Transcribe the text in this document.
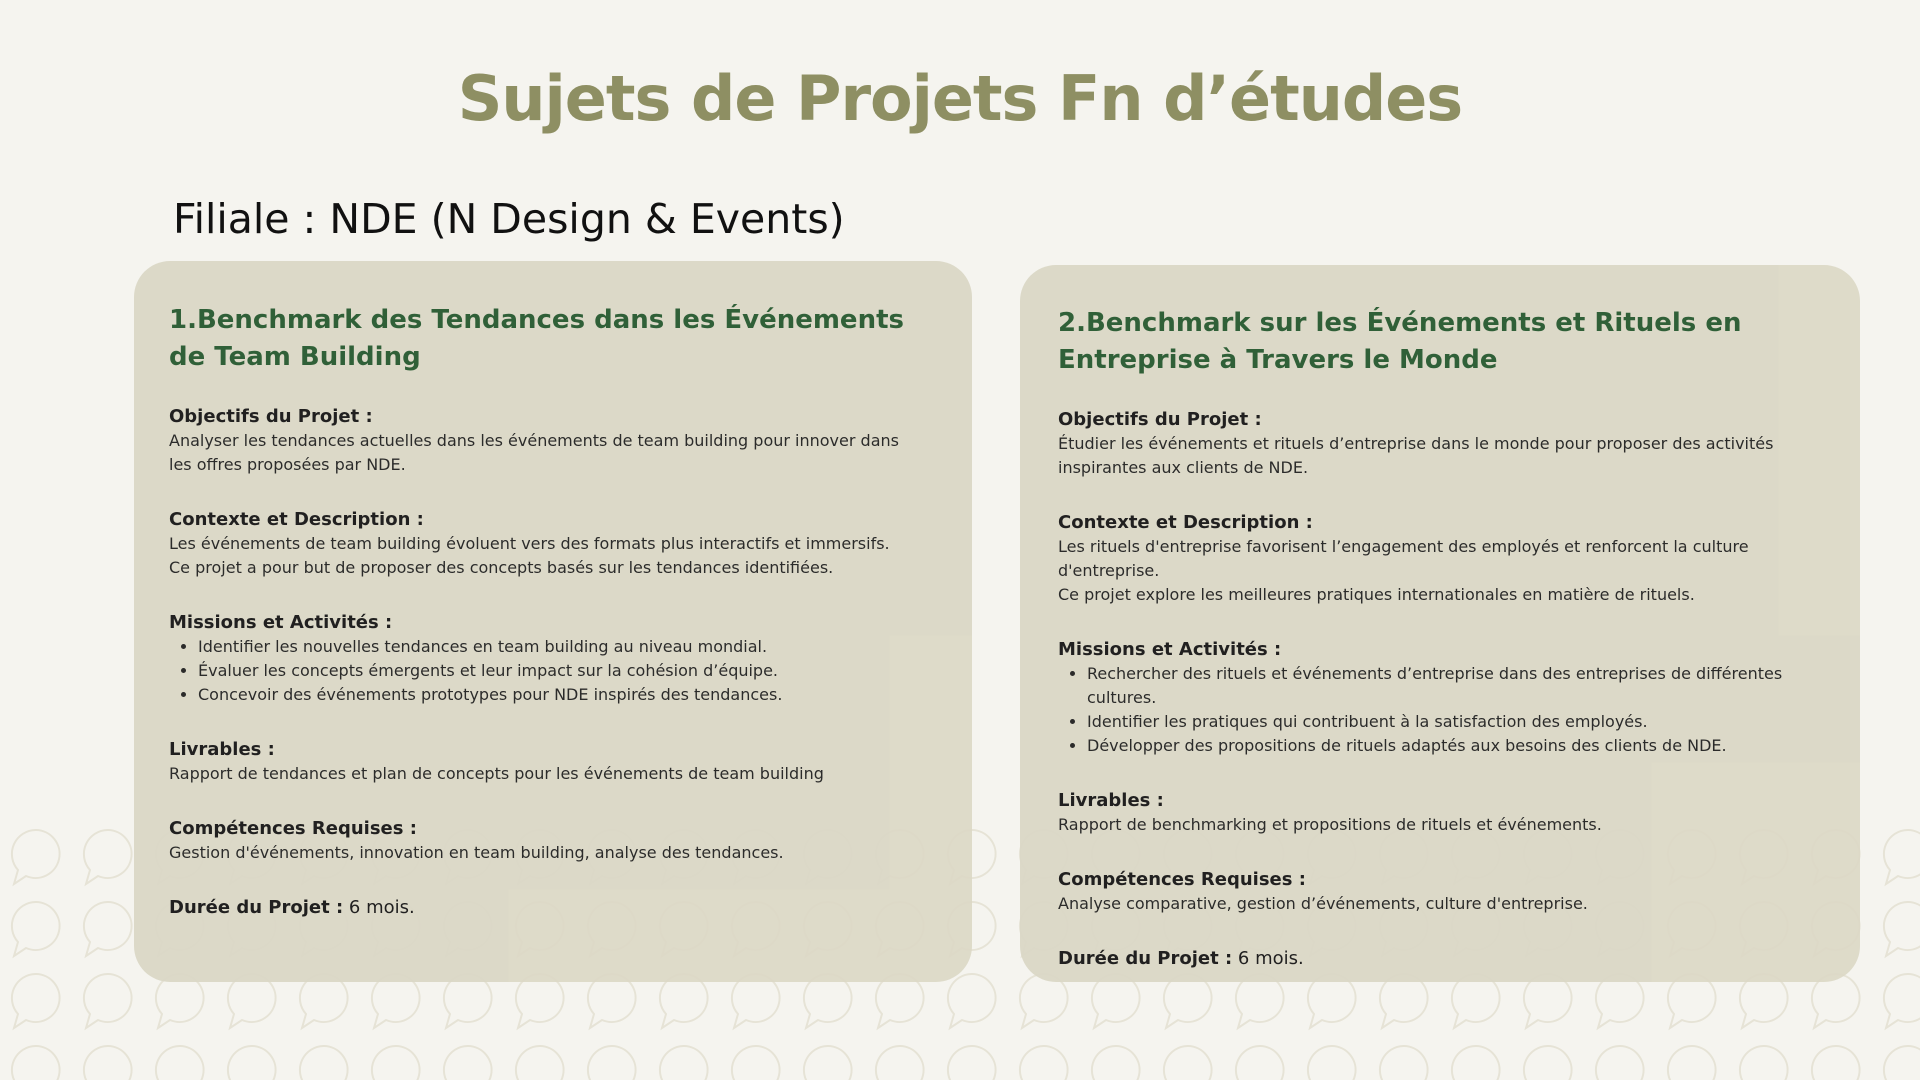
Sujets de Projets Fn d’études
Filiale : NDE (N Design & Events)
1.Benchmark des Tendances dans les Événements de Team Building
Objectifs du Projet :
Analyser les tendances actuelles dans les événements de team building pour innover dans
les offres proposées par NDE.
Contexte et Description :
Les événements de team building évoluent vers des formats plus interactifs et immersifs.
Ce projet a pour but de proposer des concepts basés sur les tendances identifiées.
Missions et Activités :
• Identifier les nouvelles tendances en team building au niveau mondial.
• Évaluer les concepts émergents et leur impact sur la cohésion d’équipe.
• Concevoir des événements prototypes pour NDE inspirés des tendances.
Livrables :
Rapport de tendances et plan de concepts pour les événements de team building
Compétences Requises :
Gestion d'événements, innovation en team building, analyse des tendances.
Durée du Projet : 6 mois.
2.Benchmark sur les Événements et Rituels en Entreprise à Travers le Monde
Objectifs du Projet :
Étudier les événements et rituels d’entreprise dans le monde pour proposer des activités
inspirantes aux clients de NDE.
Contexte et Description :
Les rituels d'entreprise favorisent l’engagement des employés et renforcent la culture
d'entreprise.
Ce projet explore les meilleures pratiques internationales en matière de rituels.
Missions et Activités :
• Rechercher des rituels et événements d’entreprise dans des entreprises de différentes cultures.
• Identifier les pratiques qui contribuent à la satisfaction des employés.
• Développer des propositions de rituels adaptés aux besoins des clients de NDE.
Livrables :
Rapport de benchmarking et propositions de rituels et événements.
Compétences Requises :
Analyse comparative, gestion d’événements, culture d'entreprise.
Durée du Projet : 6 mois.
